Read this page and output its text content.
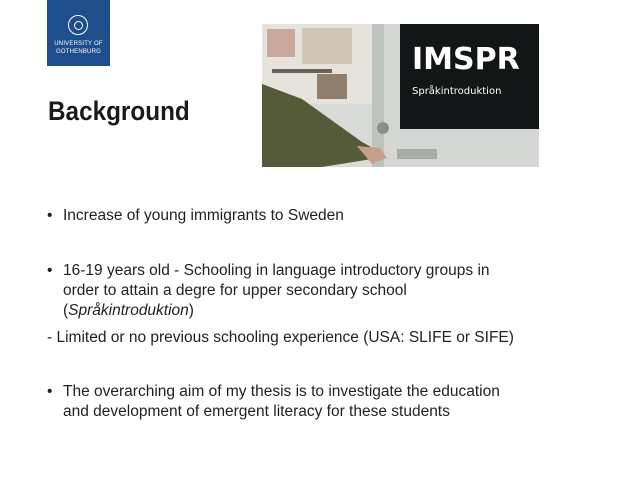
UNIVERSITY OF
GOTHENBURG
Background
IMSPR
Språkintroduktion
• Increase of young immigrants to Sweden
• 16-19 years old - Schooling in language introductory groups in
order to attain a degre for upper secondary school
(Språkintroduktion)
- Limited or no previous schooling experience (USA: SLIFE or SIFE)
• The overarching aim of my thesis is to investigate the education
and development of emergent literacy for these students
